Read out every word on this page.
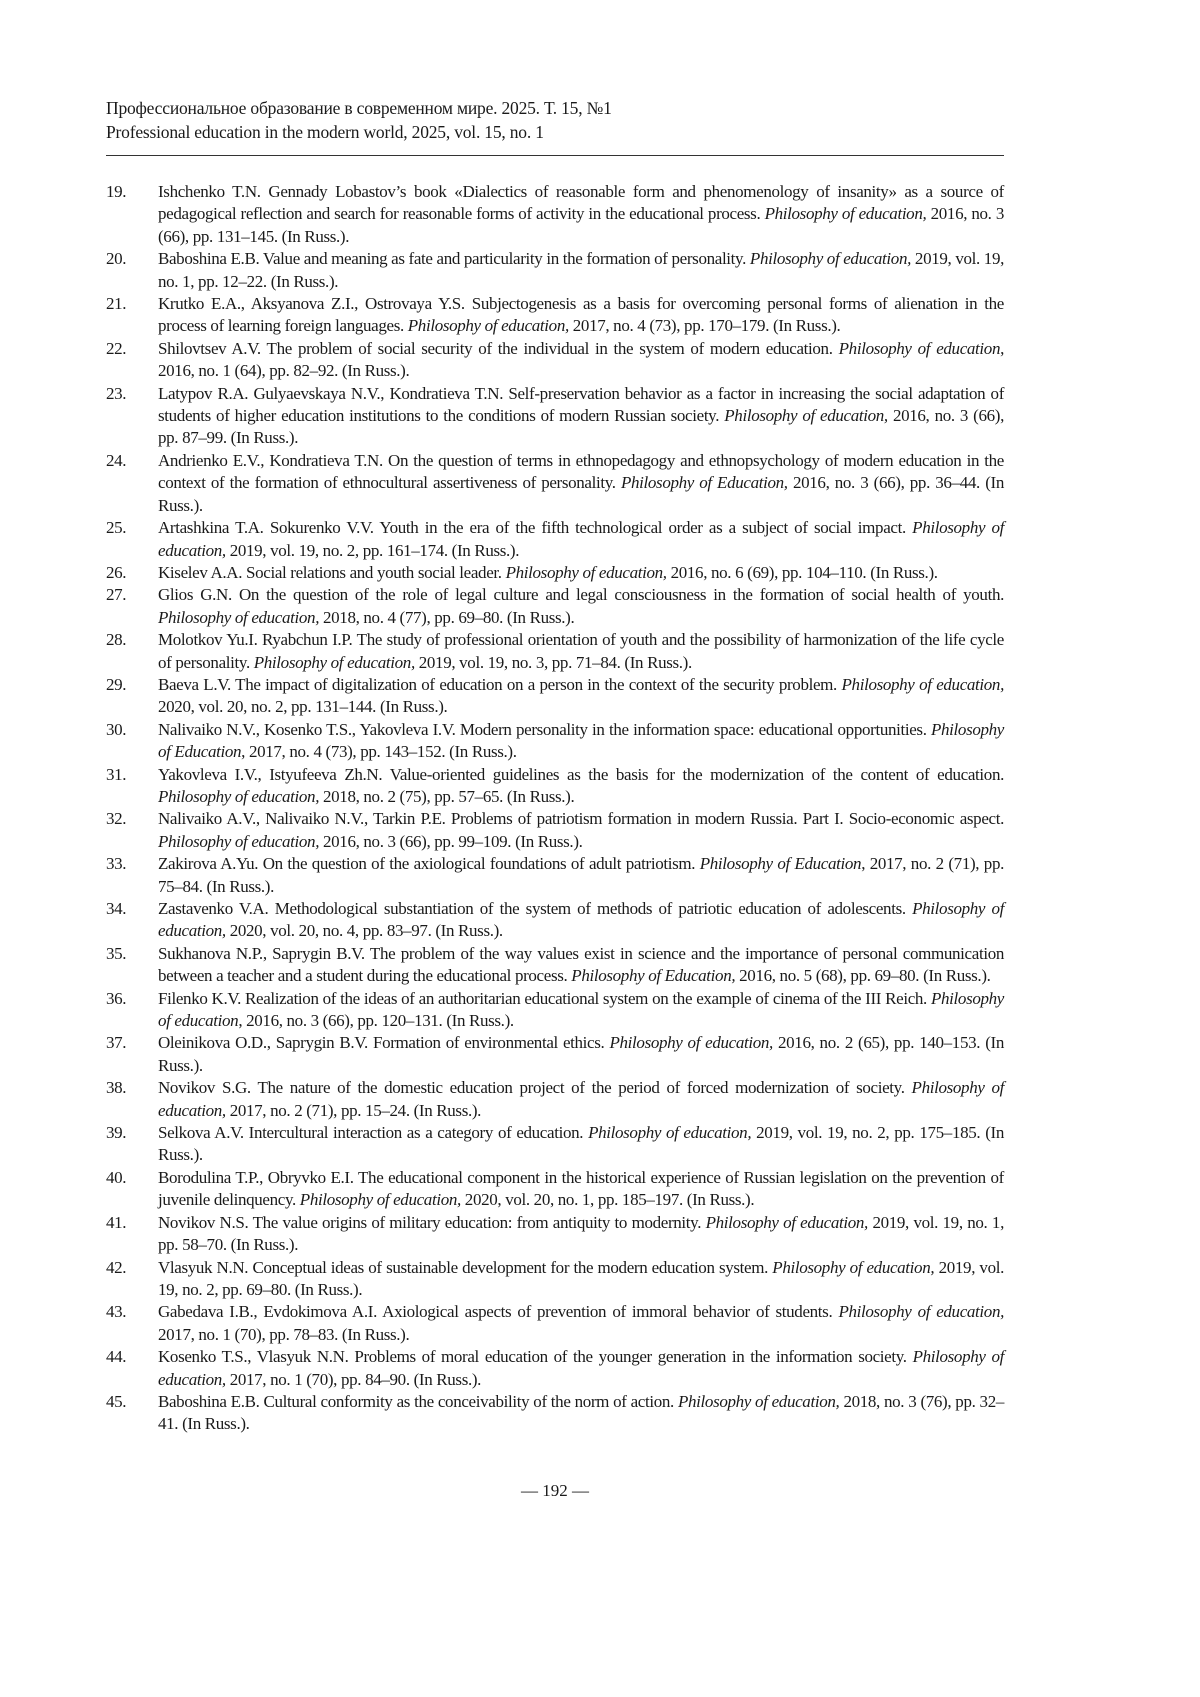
Профессиональное образование в современном мире. 2025. Т. 15, №1
Professional education in the modern world, 2025, vol. 15, no. 1
19.	Ishchenko T.N. Gennady Lobastov’s book «Dialectics of reasonable form and phenomenology of insanity» as a source of pedagogical reflection and search for reasonable forms of activity in the educational process. Philosophy of education, 2016, no. 3 (66), pp. 131–145. (In Russ.).
20.	Baboshina E.B. Value and meaning as fate and particularity in the formation of personality. Philosophy of education, 2019, vol. 19, no. 1, pp. 12–22. (In Russ.).
21.	Krutko E.A., Aksyanova Z.I., Ostrovaya Y.S. Subjectogenesis as a basis for overcoming personal forms of alienation in the process of learning foreign languages. Philosophy of education, 2017, no. 4 (73), pp. 170–179. (In Russ.).
22.	Shilovtsev A.V. The problem of social security of the individual in the system of modern education. Philosophy of education, 2016, no. 1 (64), pp. 82–92. (In Russ.).
23.	Latypov R.A. Gulyaevskaya N.V., Kondratieva T.N. Self-preservation behavior as a factor in increasing the social adaptation of students of higher education institutions to the conditions of modern Russian society. Philosophy of education, 2016, no. 3 (66), pp. 87–99. (In Russ.).
24.	Andrienko E.V., Kondratieva T.N. On the question of terms in ethnopedagogy and ethnopsychology of modern education in the context of the formation of ethnocultural assertiveness of personality. Philosophy of Education, 2016, no. 3 (66), pp. 36–44. (In Russ.).
25.	Artashkina T.A. Sokurenko V.V. Youth in the era of the fifth technological order as a subject of social impact. Philosophy of education, 2019, vol. 19, no. 2, pp. 161–174. (In Russ.).
26.	Kiselev A.A. Social relations and youth social leader. Philosophy of education, 2016, no. 6 (69), pp. 104–110. (In Russ.).
27.	Glios G.N. On the question of the role of legal culture and legal consciousness in the formation of social health of youth. Philosophy of education, 2018, no. 4 (77), pp. 69–80. (In Russ.).
28.	Molotkov Yu.I. Ryabchun I.P. The study of professional orientation of youth and the possibility of harmonization of the life cycle of personality. Philosophy of education, 2019, vol. 19, no. 3, pp. 71–84. (In Russ.).
29.	Baeva L.V. The impact of digitalization of education on a person in the context of the security problem. Philosophy of education, 2020, vol. 20, no. 2, pp. 131–144. (In Russ.).
30.	Nalivaiko N.V., Kosenko T.S., Yakovleva I.V. Modern personality in the information space: educational opportunities. Philosophy of Education, 2017, no. 4 (73), pp. 143–152. (In Russ.).
31.	Yakovleva I.V., Istyufeeva Zh.N. Value-oriented guidelines as the basis for the modernization of the content of education. Philosophy of education, 2018, no. 2 (75), pp. 57–65. (In Russ.).
32.	Nalivaiko A.V., Nalivaiko N.V., Tarkin P.E. Problems of patriotism formation in modern Russia. Part I. Socio-economic aspect. Philosophy of education, 2016, no. 3 (66), pp. 99–109. (In Russ.).
33.	Zakirova A.Yu. On the question of the axiological foundations of adult patriotism. Philosophy of Education, 2017, no. 2 (71), pp. 75–84. (In Russ.).
34.	Zastavenko V.A. Methodological substantiation of the system of methods of patriotic education of adolescents. Philosophy of education, 2020, vol. 20, no. 4, pp. 83–97. (In Russ.).
35.	Sukhanova N.P., Saprygin B.V. The problem of the way values exist in science and the importance of personal communication between a teacher and a student during the educational process. Philosophy of Education, 2016, no. 5 (68), pp. 69–80. (In Russ.).
36.	Filenko K.V. Realization of the ideas of an authoritarian educational system on the example of cinema of the III Reich. Philosophy of education, 2016, no. 3 (66), pp. 120–131. (In Russ.).
37.	Oleinikova O.D., Saprygin B.V. Formation of environmental ethics. Philosophy of education, 2016, no. 2 (65), pp. 140–153. (In Russ.).
38.	Novikov S.G. The nature of the domestic education project of the period of forced modernization of society. Philosophy of education, 2017, no. 2 (71), pp. 15–24. (In Russ.).
39.	Selkova A.V. Intercultural interaction as a category of education. Philosophy of education, 2019, vol. 19, no. 2, pp. 175–185. (In Russ.).
40.	Borodulina T.P., Obryvko E.I. The educational component in the historical experience of Russian legislation on the prevention of juvenile delinquency. Philosophy of education, 2020, vol. 20, no. 1, pp. 185–197. (In Russ.).
41.	Novikov N.S. The value origins of military education: from antiquity to modernity. Philosophy of education, 2019, vol. 19, no. 1, pp. 58–70. (In Russ.).
42.	Vlasyuk N.N. Conceptual ideas of sustainable development for the modern education system. Philosophy of education, 2019, vol. 19, no. 2, pp. 69–80. (In Russ.).
43.	Gabedava I.B., Evdokimova A.I. Axiological aspects of prevention of immoral behavior of students. Philosophy of education, 2017, no. 1 (70), pp. 78–83. (In Russ.).
44.	Kosenko T.S., Vlasyuk N.N. Problems of moral education of the younger generation in the information society. Philosophy of education, 2017, no. 1 (70), pp. 84–90. (In Russ.).
45.	Baboshina E.B. Cultural conformity as the conceivability of the norm of action. Philosophy of education, 2018, no. 3 (76), pp. 32–41. (In Russ.).
— 192 —
